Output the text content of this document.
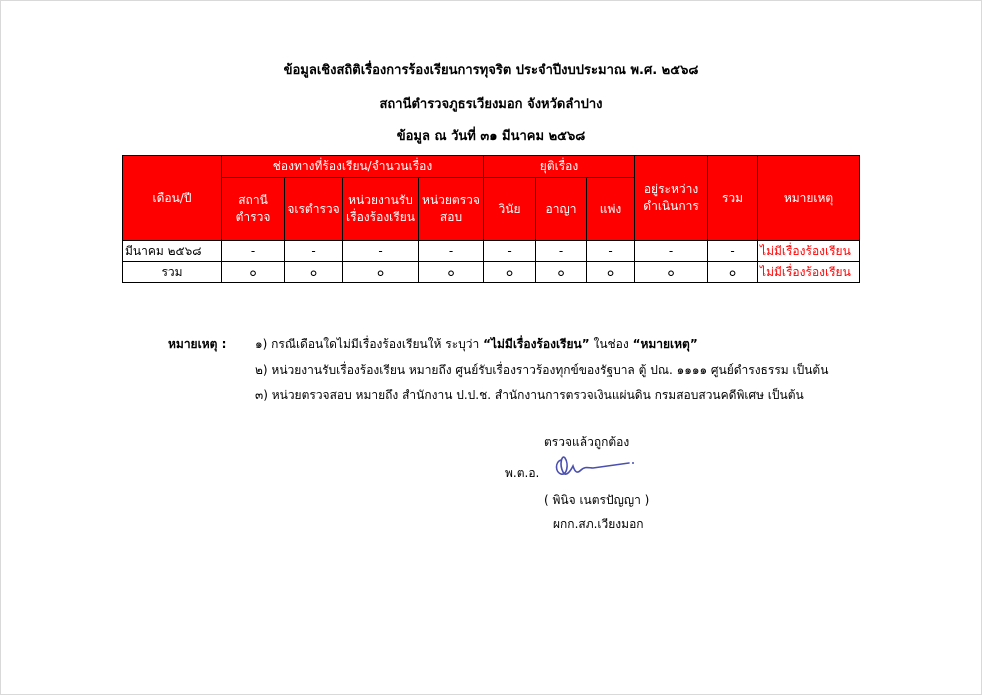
ข้อมูลเชิงสถิติเรื่องการร้องเรียนการทุจริต ประจำปีงบประมาณ พ.ศ. ๒๕๖๘
สถานีตำรวจภูธรเวียงมอก จังหวัดลำปาง
ข้อมูล ณ วันที่ ๓๑ มีนาคม ๒๕๖๘
เดือน/ปี	ช่องทางที่ร้องเรียน/จำนวนเรื่อง				ยุติเรื่อง			อยู่ระหว่างดำเนินการ	รวม	หมายเหตุ
	สถานีตำรวจ	จเรตำรวจ	หน่วยงานรับเรื่องร้องเรียน	หน่วยตรวจสอบ	วินัย	อาญา	แพ่ง			
มีนาคม ๒๕๖๘	-	-	-	-	-	-	-	-	-	ไม่มีเรื่องร้องเรียน
รวม	๐	๐	๐	๐	๐	๐	๐	๐	๐	ไม่มีเรื่องร้องเรียน
หมายเหตุ : ๑) กรณีเดือนใดไม่มีเรื่องร้องเรียนให้ ระบุว่า “ไม่มีเรื่องร้องเรียน” ในช่อง “หมายเหตุ”
๒) หน่วยงานรับเรื่องร้องเรียน หมายถึง ศูนย์รับเรื่องราวร้องทุกข์ของรัฐบาล ตู้ ปณ. ๑๑๑๑ ศูนย์ดำรงธรรม เป็นต้น
๓) หน่วยตรวจสอบ หมายถึง สำนักงาน ป.ป.ช. สำนักงานการตรวจเงินแผ่นดิน กรมสอบสวนคดีพิเศษ เป็นต้น
ตรวจแล้วถูกต้อง
พ.ต.อ.
( พินิจ เนตรปัญญา )
ผกก.สภ.เวียงมอก
